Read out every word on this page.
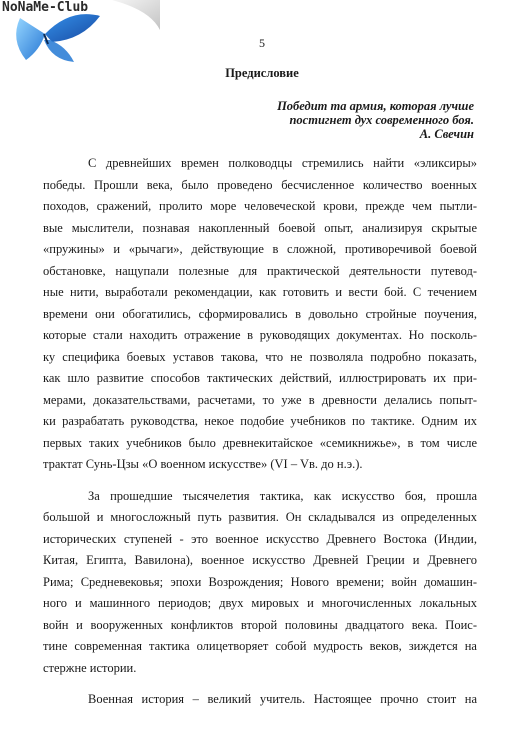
NoNaMe-Club
5
Предисловие
Победит та армия, которая лучше
постигнет дух современного боя.
А. Свечин
С древнейших времен полководцы стремились найти «эликсиры»
победы. Прошли века, было проведено бесчисленное количество военных
походов, сражений, пролито море человеческой крови, прежде чем пытли-
вые мыслители, познавая накопленный боевой опыт, анализируя скрытые
«пружины» и «рычаги», действующие в сложной, противоречивой боевой
обстановке, нащупали полезные для практической деятельности путевод-
ные нити, выработали рекомендации, как готовить и вести бой. С течением
времени они обогатились, сформировались в довольно стройные поучения,
которые стали находить отражение в руководящих документах. Но посколь-
ку специфика боевых уставов такова, что не позволяла подробно показать,
как шло развитие способов тактических действий, иллюстрировать их при-
мерами, доказательствами, расчетами, то уже в древности делались попыт-
ки разрабатать руководства, некое подобие учебников по тактике. Одним их
первых таких учебников было древнекитайское «семикнижье», в том числе
трактат Сунь-Цзы «О военном искусстве» (VI – Vв. до н.э.).
За прошедшие тысячелетия тактика, как искусство боя, прошла
большой и многосложный путь развития. Он складывался из определенных
исторических ступеней - это военное искусство Древнего Востока (Индии,
Китая, Египта, Вавилона), военное искусство Древней Греции и Древнего
Рима; Средневековья; эпохи Возрождения; Нового времени; войн домашин-
ного и машинного периодов; двух мировых и многочисленных локальных
войн и вооруженных конфликтов второй половины двадцатого века. Поис-
тине современная тактика олицетворяет собой мудрость веков, зиждется на
стержне истории.
Военная история – великий учитель. Настоящее прочно стоит на
